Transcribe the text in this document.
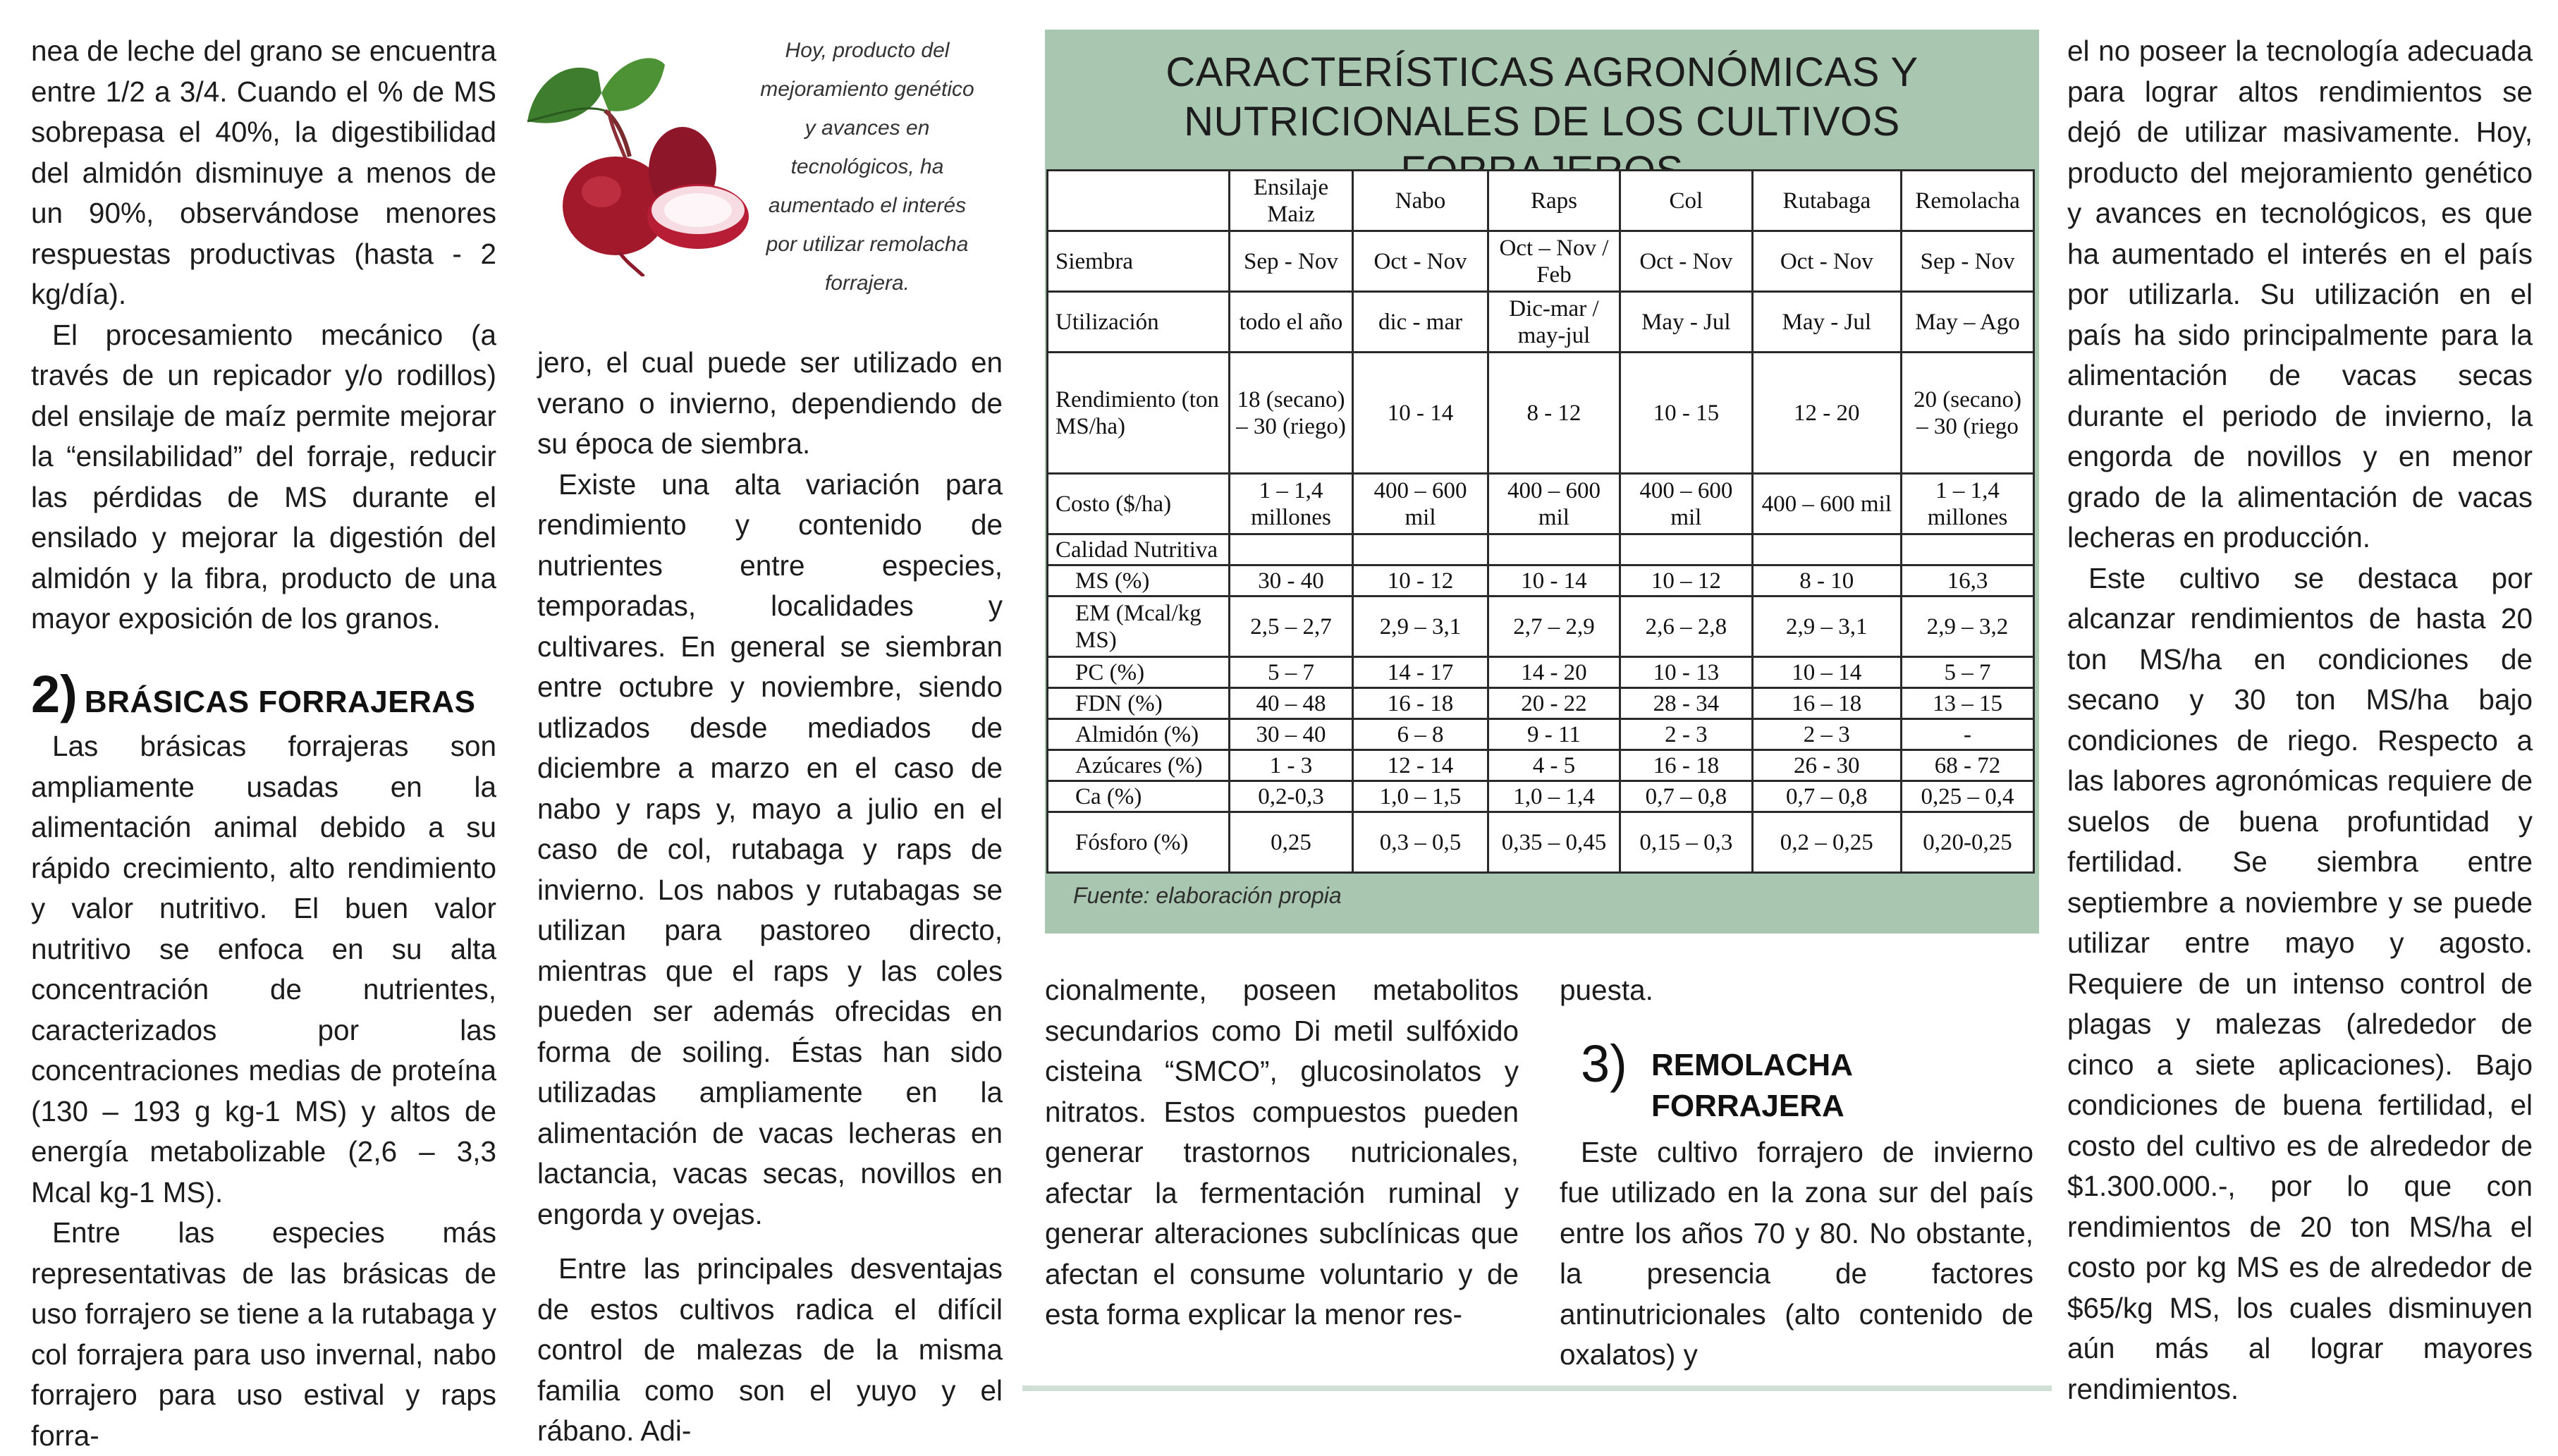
nea de leche del grano se encuentra entre 1/2 a 3/4. Cuando el % de MS sobrepasa el 40%, la digestibilidad del almidón disminuye a menos de un 90%, observándose menores respuestas productivas (hasta - 2 kg/día).

El procesamiento mecánico (a través de un repicador y/o rodillos) del ensilaje de maíz permite mejorar la “ensilabilidad” del forraje, reducir las pérdidas de MS durante el ensilado y mejorar la digestión del almidón y la fibra, producto de una mayor exposición de los granos.

2) BRÁSICAS FORRAJERAS

Las brásicas forrajeras son ampliamente usadas en la alimentación animal debido a su rápido crecimiento, alto rendimiento y valor nutritivo. El buen valor nutritivo se enfoca en su alta concentración de nutrientes, caracterizados por las concentraciones medias de proteína (130 – 193 g kg-1 MS) y altos de energía metabolizable (2,6 – 3,3 Mcal kg-1 MS).

Entre las especies más representativas de las brásicas de uso forrajero se tiene a la rutabaga y col forrajera para uso invernal, nabo forrajero para uso estival y raps forra-

Hoy, producto del mejoramiento genético y avances en tecnológicos, ha aumentado el interés por utilizar remolacha forrajera.

jero, el cual puede ser utilizado en verano o invierno, dependiendo de su época de siembra.

Existe una alta variación para rendimiento y contenido de nutrientes entre especies, temporadas, localidades y cultivares. En general se siembran entre octubre y noviembre, siendo utlizados desde mediados de diciembre a marzo en el caso de nabo y raps y, mayo a julio en el caso de col, rutabaga y raps de invierno. Los nabos y rutabagas se utilizan para pastoreo directo, mientras que el raps y las coles pueden ser además ofrecidas en forma de soiling. Éstas han sido utilizadas ampliamente en la alimentación de vacas lecheras en lactancia, vacas secas, novillos en engorda y ovejas.

Entre las principales desventajas de estos cultivos radica el difícil control de malezas de la misma familia como son el yuyo y el rábano. Adi-

CARACTERÍSTICAS AGRONÓMICAS Y
NUTRICIONALES DE LOS CULTIVOS
	Ensilaje Maiz	Nabo	Raps	Col	Rutabaga	Remolacha
Siembra	Sep - Nov	Oct - Nov	Oct – Nov / Feb	Oct - Nov	Oct - Nov	Sep - Nov
Utilización	todo el año	dic - mar	Dic-mar / may-jul	May - Jul	May - Jul	May – Ago
Rendimiento (ton MS/ha)	18 (secano) – 30 (riego)	10 - 14	8 - 12	10 - 15	12 - 20	20 (secano) – 30 (riego
Costo ($/ha)	1 – 1,4 millones	400 – 600 mil	400 – 600 mil	400 – 600 mil	400 – 600 mil	1 – 1,4 millones
Calidad Nutritiva						
MS (%)	30 - 40	10 - 12	10 - 14	10 – 12	8 - 10	16,3
EM (Mcal/kg MS)	2,5 – 2,7	2,9 – 3,1	2,7 – 2,9	2,6 – 2,8	2,9 – 3,1	2,9 – 3,2
PC (%)	5 – 7	14 - 17	14 - 20	10 - 13	10 – 14	5 – 7
FDN (%)	40 – 48	16 - 18	20 - 22	28 - 34	16 – 18	13 – 15
Almidón (%)	30 – 40	6 – 8	9 - 11	2 - 3	2 – 3	-
Azúcares (%)	1 - 3	12 - 14	4 - 5	16 - 18	26 - 30	68 - 72
Ca (%)	0,2-0,3	1,0 – 1,5	1,0 – 1,4	0,7 – 0,8	0,7 – 0,8	0,25 – 0,4
Fósforo (%)	0,25	0,3 – 0,5	0,35 – 0,45	0,15 – 0,3	0,2 – 0,25	0,20-0,25
Fuente: elaboración propia

cionalmente, poseen metabolitos secundarios como Di metil sulfóxido cisteina “SMCO”, glucosinolatos y nitratos. Estos compuestos pueden generar trastornos nutricionales, afectar la fermentación ruminal y generar alteraciones subclínicas que afectan el consume voluntario y de esta forma explicar la menor res-

puesta.

3) REMOLACHA
FORRAJERA

Este cultivo forrajero de invierno fue utilizado en la zona sur del país entre los años 70 y 80. No obstante, la presencia de factores antinutricionales (alto contenido de oxalatos) y

el no poseer la tecnología adecuada para lograr altos rendimientos se dejó de utilizar masivamente. Hoy, producto del mejoramiento genético y avances en tecnológicos, es que ha aumentado el interés en el país por utilizarla. Su utilización en el país ha sido principalmente para la alimentación de vacas secas durante el periodo de invierno, la engorda de novillos y en menor grado de la alimentación de vacas lecheras en producción.

Este cultivo se destaca por alcanzar rendimientos de hasta 20 ton MS/ha en condiciones de secano y 30 ton MS/ha bajo condiciones de riego. Respecto a las labores agronómicas requiere de suelos de buena profuntidad y fertilidad. Se siembra entre septiembre a noviembre y se puede utilizar entre mayo y agosto. Requiere de un intenso control de plagas y malezas (alrededor de cinco a siete aplicaciones). Bajo condiciones de buena fertilidad, el costo del cultivo es de alrededor de $1.300.000.-, por lo que con rendimientos de 20 ton MS/ha el costo por kg MS es de alrededor de $65/kg MS, los cuales disminuyen aún más al lograr mayores rendimientos.
